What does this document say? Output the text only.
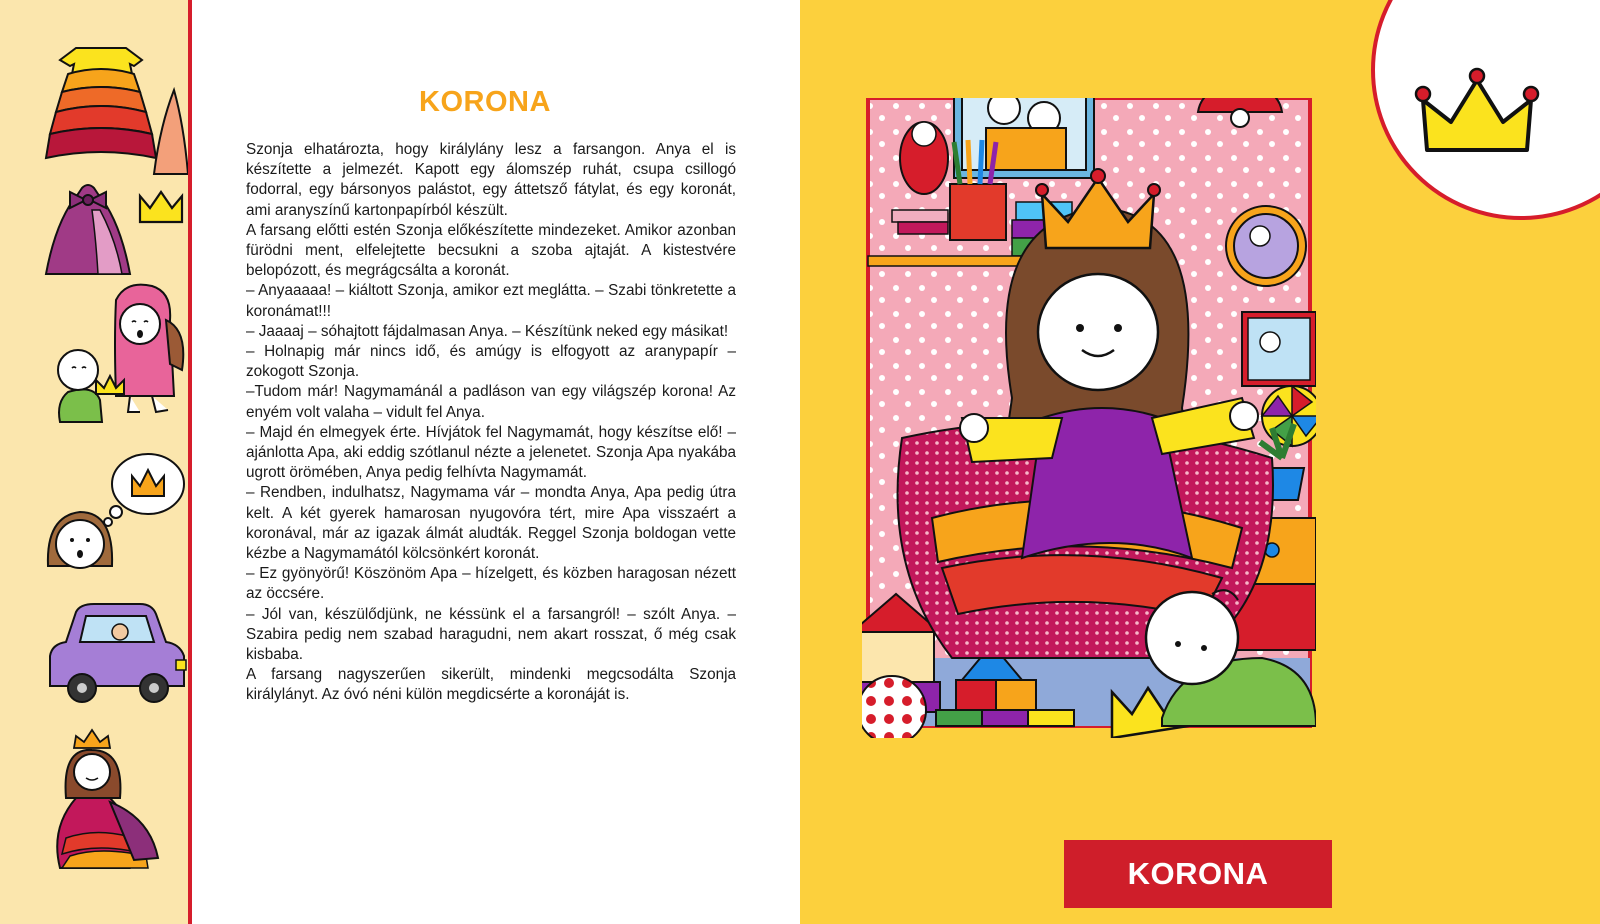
KORONA

Szonja elhatározta, hogy királylány lesz a farsangon. Anya el is készítette a jelmezét. Kapott egy álomszép ruhát, csupa csillogó fodorral, egy bársonyos palástot, egy áttetsző fátylat, és egy koronát, ami aranyszínű kartonpapírból készült.

A farsang előtti estén Szonja előkészítette mindezeket. Amikor azonban fürödni ment, elfelejtette becsukni a szoba ajtaját. A kistestvére belopózott, és megrágcsálta a koronát.

– Anyaaaaa! – kiáltott Szonja, amikor ezt meglátta. – Szabi tönkretette a koronámat!!!

– Jaaaaj – sóhajtott fájdalmasan Anya. – Készítünk neked egy másikat!

– Holnapig már nincs idő, és amúgy is elfogyott az aranypapír – zokogott Szonja.

–Tudom már! Nagymamánál a padláson van egy világszép korona! Az enyém volt valaha – vidult fel Anya.

– Majd én elmegyek érte. Hívjátok fel Nagymamát, hogy készítse elő! – ajánlotta Apa, aki eddig szótlanul nézte a jelenetet. Szonja Apa nyakába ugrott örömében, Anya pedig felhívta Nagymamát.

– Rendben, indulhatsz, Nagymama vár – mondta Anya, Apa pedig útra kelt. A két gyerek hamarosan nyugovóra tért, mire Apa visszaért a koronával, már az igazak álmát aludták. Reggel Szonja boldogan vette kézbe a Nagymamától kölcsönkért koronát.

– Ez gyönyörű! Köszönöm Apa – hízelgett, és közben haragosan nézett az öccsére.

– Jól van, készülődjünk, ne késsünk el a farsangról! – szólt Anya. – Szabira pedig nem szabad haragudni, nem akart rosszat, ő még csak kisbaba.

A farsang nagyszerűen sikerült, mindenki megcsodálta Szonja királylányt. Az óvó néni külön megdicsérte a koronáját is.

KORONA
